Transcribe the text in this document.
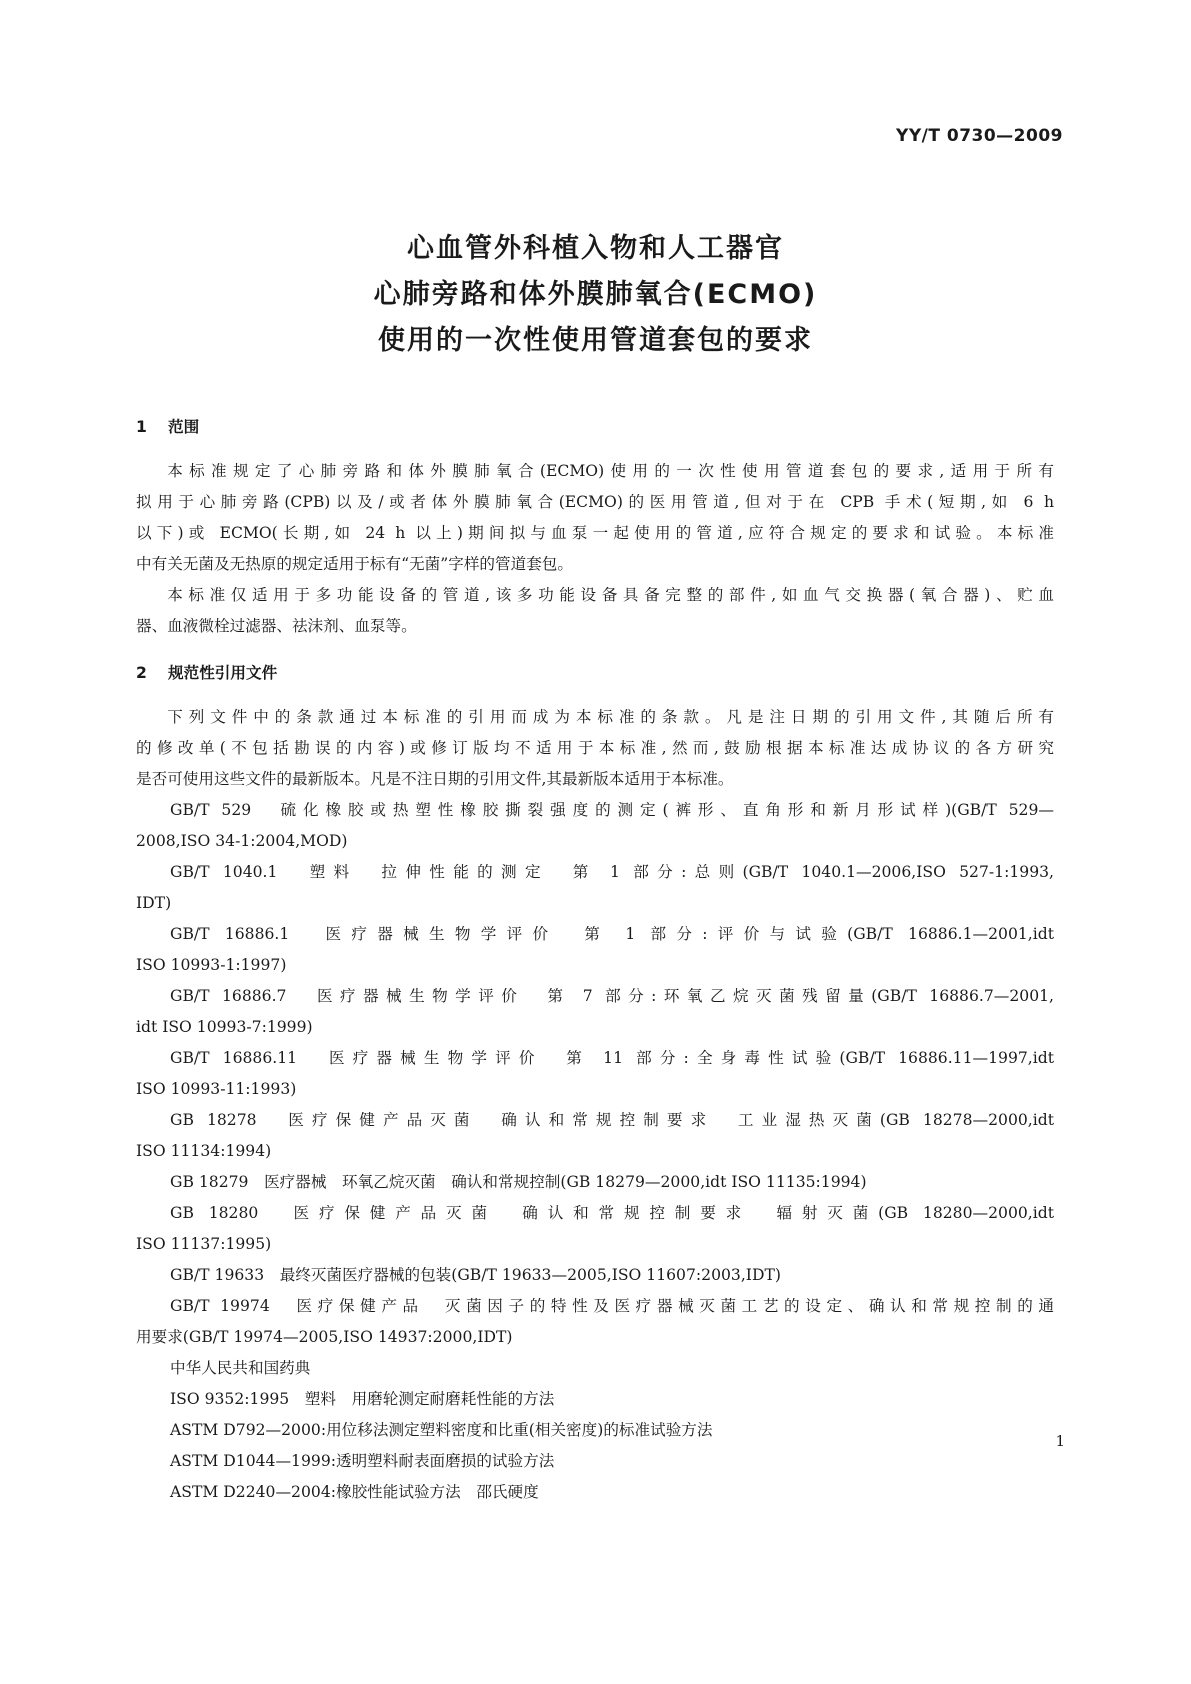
YY/T 0730—2009
心血管外科植入物和人工器官
心肺旁路和体外膜肺氧合(ECMO)
使用的一次性使用管道套包的要求
1 范围
本标准规定了心肺旁路和体外膜肺氧合(ECMO)使用的一次性使用管道套包的要求,适用于所有
拟用于心肺旁路(CPB)以及/或者体外膜肺氧合(ECMO)的医用管道,但对于在 CPB 手术(短期,如 6 h
以下)或 ECMO(长期,如 24 h 以上)期间拟与血泵一起使用的管道,应符合规定的要求和试验。本标准
中有关无菌及无热原的规定适用于标有“无菌”字样的管道套包。
本标准仅适用于多功能设备的管道,该多功能设备具备完整的部件,如血气交换器(氧合器)、贮血
器、血液微栓过滤器、祛沫剂、血泵等。
2 规范性引用文件
下列文件中的条款通过本标准的引用而成为本标准的条款。凡是注日期的引用文件,其随后所有
的修改单(不包括勘误的内容)或修订版均不适用于本标准,然而,鼓励根据本标准达成协议的各方研究
是否可使用这些文件的最新版本。凡是不注日期的引用文件,其最新版本适用于本标准。
GB/T 529　硫化橡胶或热塑性橡胶撕裂强度的测定(裤形、直角形和新月形试样)(GB/T 529—
2008,ISO 34-1:2004,MOD)
GB/T 1040.1　塑料　拉伸性能的测定　第 1 部分:总则(GB/T 1040.1—2006,ISO 527-1:1993,
IDT)
GB/T 16886.1　医疗器械生物学评价　第 1 部分:评价与试验(GB/T 16886.1—2001,idt
ISO 10993-1:1997)
GB/T 16886.7　医疗器械生物学评价　第 7 部分:环氧乙烷灭菌残留量(GB/T 16886.7—2001,
idt ISO 10993-7:1999)
GB/T 16886.11　医疗器械生物学评价　第 11 部分:全身毒性试验(GB/T 16886.11—1997,idt
ISO 10993-11:1993)
GB 18278　医疗保健产品灭菌　确认和常规控制要求　工业湿热灭菌(GB 18278—2000,idt
ISO 11134:1994)
GB 18279　医疗器械　环氧乙烷灭菌　确认和常规控制(GB 18279—2000,idt ISO 11135:1994)
GB 18280　医疗保健产品灭菌　确认和常规控制要求　辐射灭菌(GB 18280—2000,idt
ISO 11137:1995)
GB/T 19633　最终灭菌医疗器械的包装(GB/T 19633—2005,ISO 11607:2003,IDT)
GB/T 19974　医疗保健产品　灭菌因子的特性及医疗器械灭菌工艺的设定、确认和常规控制的通
用要求(GB/T 19974—2005,ISO 14937:2000,IDT)
中华人民共和国药典
ISO 9352:1995　塑料　用磨轮测定耐磨耗性能的方法
ASTM D792—2000:用位移法测定塑料密度和比重(相关密度)的标准试验方法
ASTM D1044—1999:透明塑料耐表面磨损的试验方法
ASTM D2240—2004:橡胶性能试验方法　邵氏硬度
1
